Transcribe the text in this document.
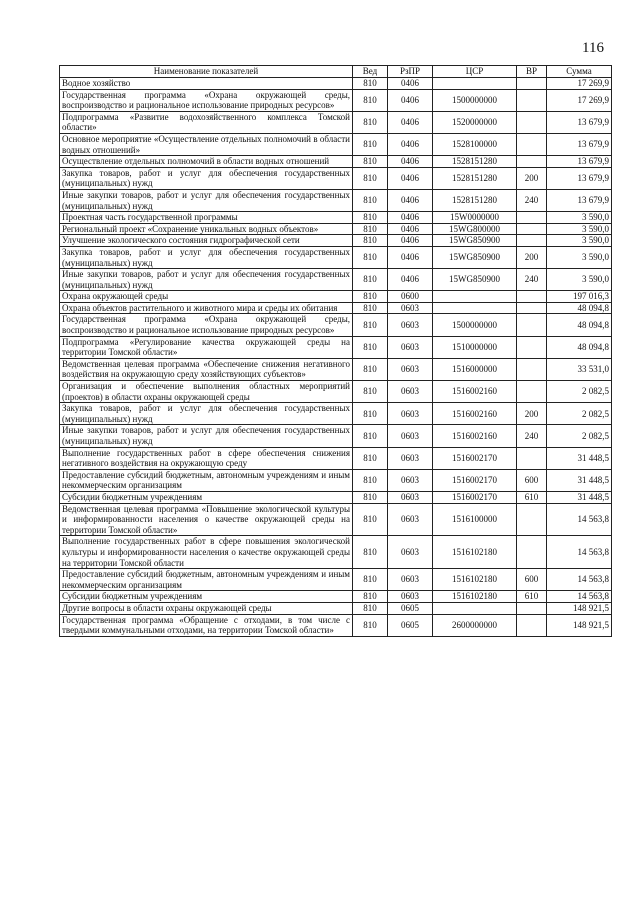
116
Наименование показателей	Вед	РзПР	ЦСР	ВР	Сумма
Водное хозяйство	810	0406			17 269,9
Государственная программа «Охрана окружающей среды, воспроизводство и рациональное использование природных ресурсов»	810	0406	1500000000		17 269,9
Подпрограмма «Развитие водохозяйственного комплекса Томской области»	810	0406	1520000000		13 679,9
Основное мероприятие «Осуществление отдельных полномочий в области водных отношений»	810	0406	1528100000		13 679,9
Осуществление отдельных полномочий в области водных отношений	810	0406	1528151280		13 679,9
Закупка товаров, работ и услуг для обеспечения государственных (муниципальных) нужд	810	0406	1528151280	200	13 679,9
Иные закупки товаров, работ и услуг для обеспечения государственных (муниципальных) нужд	810	0406	1528151280	240	13 679,9
Проектная часть государственной программы	810	0406	15W0000000		3 590,0
Региональный проект «Сохранение уникальных водных объектов»	810	0406	15WG800000		3 590,0
Улучшение экологического состояния гидрографической сети	810	0406	15WG850900		3 590,0
Закупка товаров, работ и услуг для обеспечения государственных (муниципальных) нужд	810	0406	15WG850900	200	3 590,0
Иные закупки товаров, работ и услуг для обеспечения государственных (муниципальных) нужд	810	0406	15WG850900	240	3 590,0
Охрана окружающей среды	810	0600			197 016,3
Охрана объектов растительного и животного мира и среды их обитания	810	0603			48 094,8
Государственная программа «Охрана окружающей среды, воспроизводство и рациональное использование природных ресурсов»	810	0603	1500000000		48 094,8
Подпрограмма «Регулирование качества окружающей среды на территории Томской области»	810	0603	1510000000		48 094,8
Ведомственная целевая программа «Обеспечение снижения негативного воздействия на окружающую среду хозяйствующих субъектов»	810	0603	1516000000		33 531,0
Организация и обеспечение выполнения областных мероприятий (проектов) в области охраны окружающей среды	810	0603	1516002160		2 082,5
Закупка товаров, работ и услуг для обеспечения государственных (муниципальных) нужд	810	0603	1516002160	200	2 082,5
Иные закупки товаров, работ и услуг для обеспечения государственных (муниципальных) нужд	810	0603	1516002160	240	2 082,5
Выполнение государственных работ в сфере обеспечения снижения негативного воздействия на окружающую среду	810	0603	1516002170		31 448,5
Предоставление субсидий бюджетным, автономным учреждениям и иным некоммерческим организациям	810	0603	1516002170	600	31 448,5
Субсидии бюджетным учреждениям	810	0603	1516002170	610	31 448,5
Ведомственная целевая программа «Повышение экологической культуры и информированности населения о качестве окружающей среды на территории Томской области»	810	0603	1516100000		14 563,8
Выполнение государственных работ в сфере повышения экологической культуры и информированности населения о качестве окружающей среды на территории Томской области	810	0603	1516102180		14 563,8
Предоставление субсидий бюджетным, автономным учреждениям и иным некоммерческим организациям	810	0603	1516102180	600	14 563,8
Субсидии бюджетным учреждениям	810	0603	1516102180	610	14 563,8
Другие вопросы в области охраны окружающей среды	810	0605			148 921,5
Государственная программа «Обращение с отходами, в том числе с твердыми коммунальными отходами, на территории Томской области»	810	0605	2600000000		148 921,5
